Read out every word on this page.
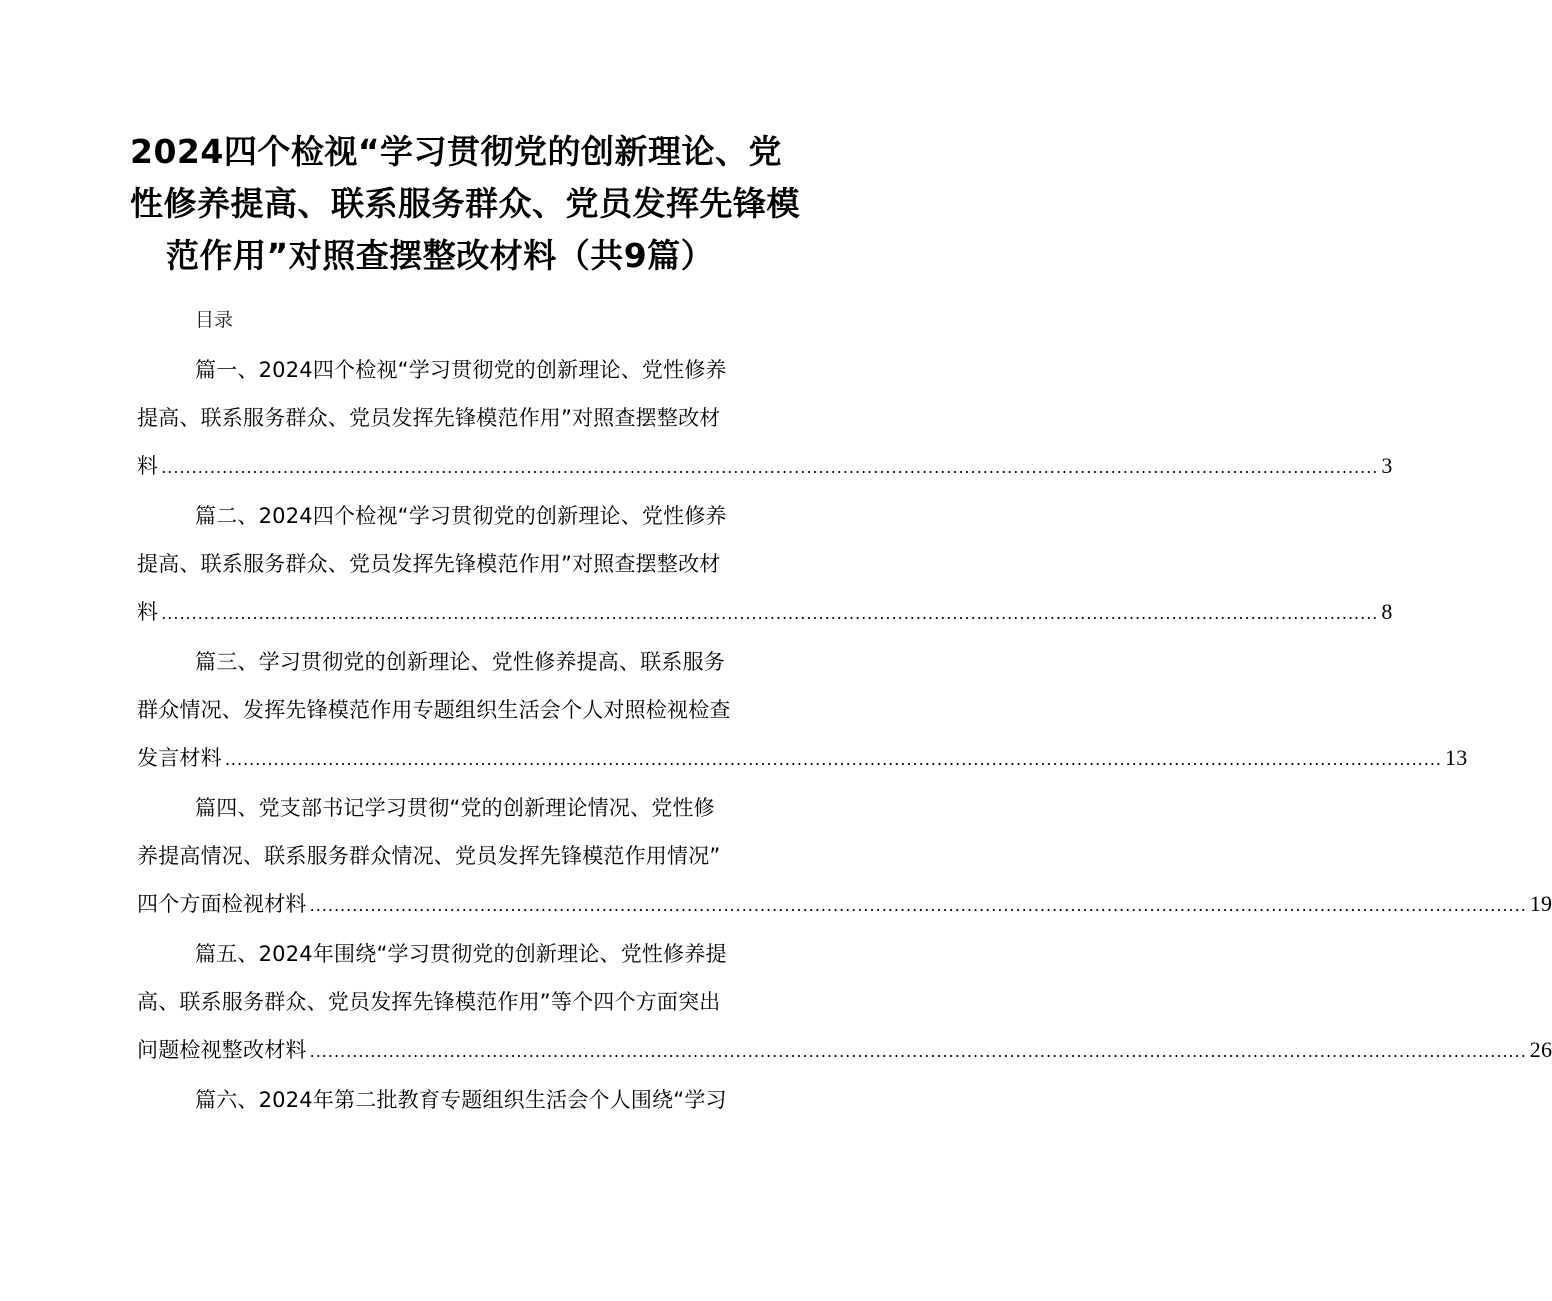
2024四个检视“学习贯彻党的创新理论、党
性修养提高、联系服务群众、党员发挥先锋模
范作用”对照查摆整改材料（共9篇）
目录
篇一、2024四个检视“学习贯彻党的创新理论、党性修养
提高、联系服务群众、党员发挥先锋模范作用”对照查摆整改材
料 ........................................................................................................................................................................................................ 3
篇二、2024四个检视“学习贯彻党的创新理论、党性修养
提高、联系服务群众、党员发挥先锋模范作用”对照查摆整改材
料 ........................................................................................................................................................................................................ 8
篇三、学习贯彻党的创新理论、党性修养提高、联系服务
群众情况、发挥先锋模范作用专题组织生活会个人对照检视检查
发言材料 ........................................................................................................................................................................................................ 13
篇四、党支部书记学习贯彻“党的创新理论情况、党性修
养提高情况、联系服务群众情况、党员发挥先锋模范作用情况”
四个方面检视材料 ........................................................................................................................................................................................................ 19
篇五、2024年围绕“学习贯彻党的创新理论、党性修养提
高、联系服务群众、党员发挥先锋模范作用”等个四个方面突出
问题检视整改材料 ........................................................................................................................................................................................................ 26
篇六、2024年第二批教育专题组织生活会个人围绕“学习
